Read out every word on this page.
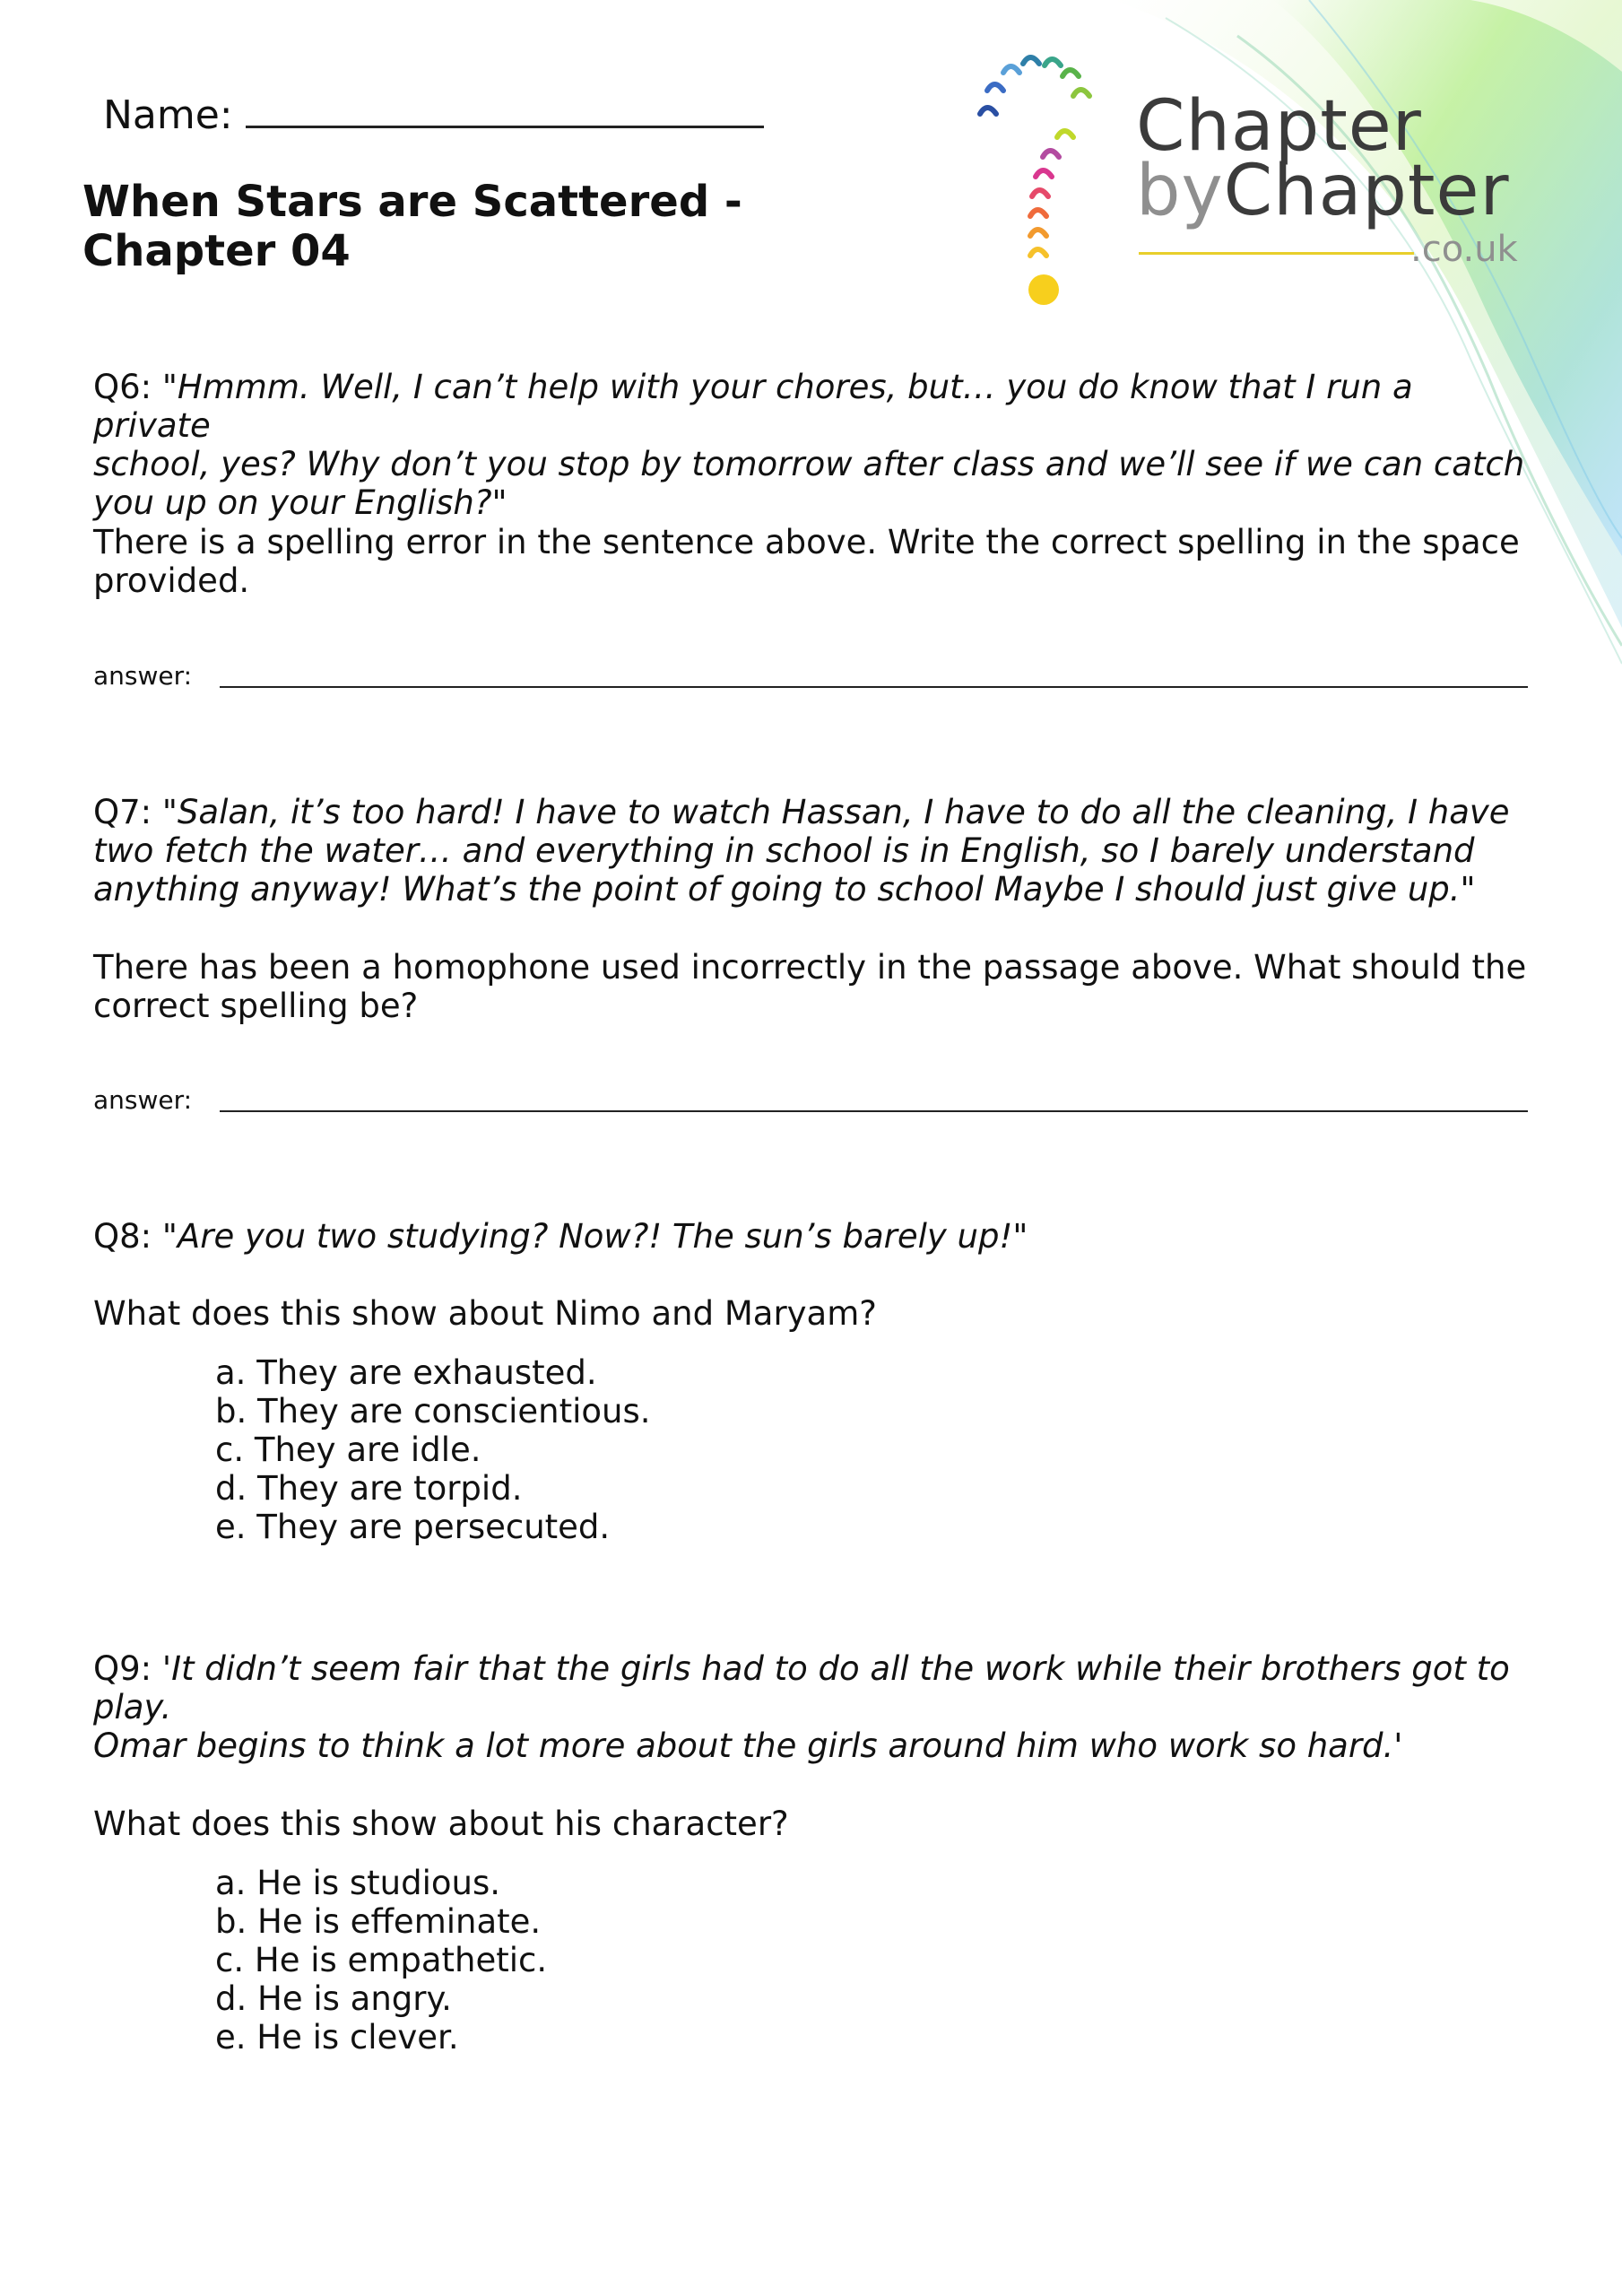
Name:
When Stars are Scattered -
Chapter 04
Chapter
byChapter
.co.uk
Q6: "Hmmm. Well, I can’t help with your chores, but… you do know that I run a private
school, yes? Why don’t you stop by tomorrow after class and we’ll see if we can catch
you up on your English?"
There is a spelling error in the sentence above. Write the correct spelling in the space
provided.
answer:
Q7: "Salan, it’s too hard! I have to watch Hassan, I have to do all the cleaning, I have
two fetch the water… and everything in school is in English, so I barely understand
anything anyway! What’s the point of going to school Maybe I should just give up."
There has been a homophone used incorrectly in the passage above. What should the
correct spelling be?
answer:
Q8: "Are you two studying? Now?! The sun’s barely up!"
What does this show about Nimo and Maryam?
a. They are exhausted.
b. They are conscientious.
c. They are idle.
d. They are torpid.
e. They are persecuted.
Q9: 'It didn’t seem fair that the girls had to do all the work while their brothers got to
play.
Omar begins to think a lot more about the girls around him who work so hard.'
What does this show about his character?
a. He is studious.
b. He is effeminate.
c. He is empathetic.
d. He is angry.
e. He is clever.
